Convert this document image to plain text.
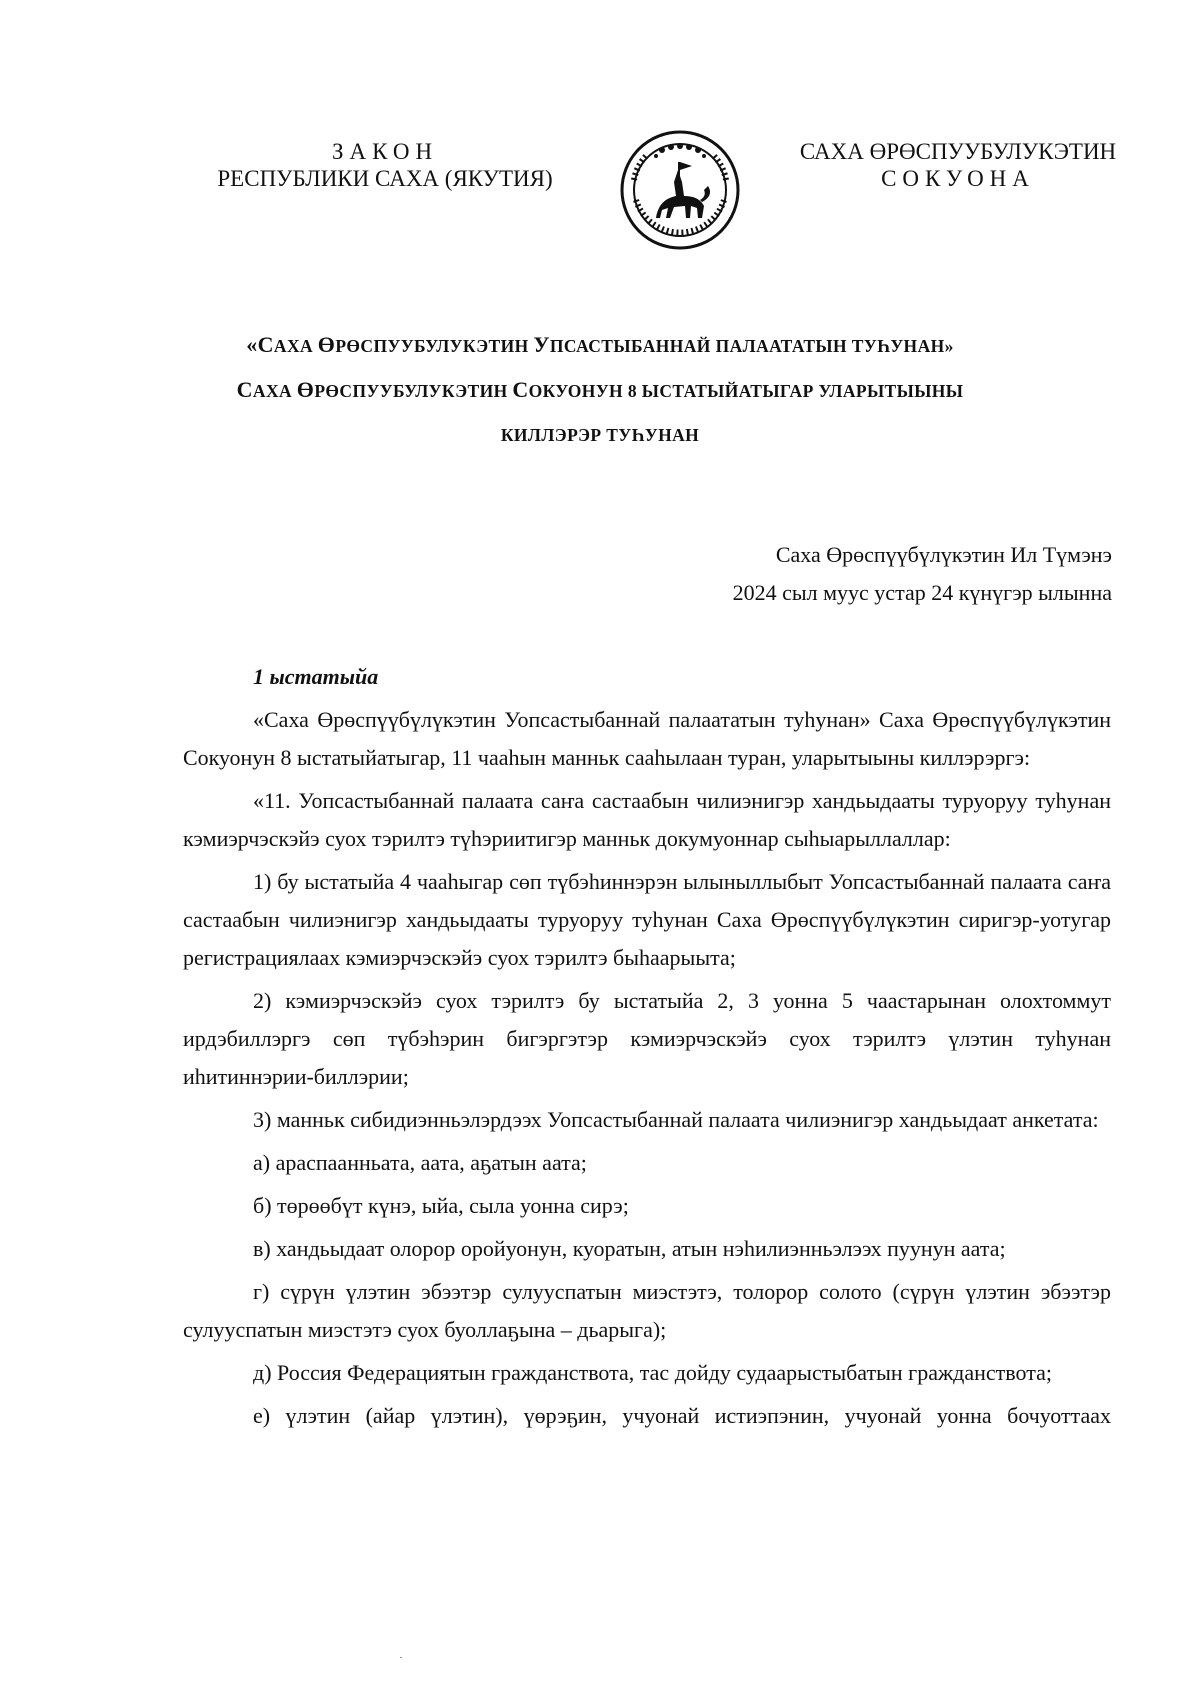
ЗАКОН
РЕСПУБЛИКИ САХА (ЯКУТИЯ)
САХА ӨРӨСПУУБУЛУКЭТИН
СОКУОНА
«САХА ӨРӨСПУУБУЛУКЭТИН УПСАСТЫБАННАЙ ПАЛААТАТЫН ТУҺУНАН»
САХА ӨРӨСПУУБУЛУКЭТИН СОКУОНУН 8 ЫСТАТЫЙАТЫГАР УЛАРЫТЫЫНЫ
КИЛЛЭРЭР ТУҺУНАН
Саха Өрөспүүбүлүкэтин Ил Түмэнэ
2024 сыл муус устар 24 күнүгэр ылынна
1 ыстатыйа
«Саха Өрөспүүбүлүкэтин Уопсастыбаннай палаататын туһунан» Саха Өрөспүүбүлүкэтин Сокуонун 8 ыстатыйатыгар, 11 чааһын манньк саaһылаан туран, уларытыыны киллэрэргэ:
«11. Уопсастыбаннай палаата саҥа састаабын чилиэнигэр хандьыдааты туруоруу туһунан кэмиэрчэскэйэ суох тэрилтэ түһэриитигэр манньк докумуоннар сыһыарыллаллар:
1) бу ыстатыйа 4 чааһыгар сөп түбэһиннэрэн ылыныллыбыт Уопсастыбаннай палаата саҥа састаабын чилиэнигэр хандьыдааты туруоруу туһунан Саха Өрөспүүбүлүкэтин сиригэр-уотугар регистрациялаах кэмиэрчэскэйэ суох тэрилтэ быһaарыыта;
2) кэмиэрчэскэйэ суох тэрилтэ бу ыстатыйа 2, 3 уонна 5 чаастарынан олохтоммут ирдэбиллэргэ сөп түбэһэрин бигэргэтэр кэмиэрчэскэйэ суох тэрилтэ үлэтин туһунан иһитиннэрии-биллэрии;
3) манньк сибидиэнньэлэрдээх Уопсастыбаннай палаата чилиэнигэр хандьыдаат анкетата:
а) араспаанньата, аата, аҕатын аата;
б) төрөөбүт күнэ, ыйа, сыла уонна сирэ;
в) хандьыдаат олорор оройуонун, куоратын, атын нэһилиэнньэлээх пуунун аата;
г) сүрүн үлэтин эбээтэр сулууспатын миэстэтэ, толорор солото (сүрүн үлэтин эбээтэр сулууспатын миэстэтэ суох буоллаҕына – дьарыга);
д) Россия Федерациятын гражданствота, тас дойду судаарыстыбатын гражданствота;
е) үлэтин (айар үлэтин), үөрэҕин, учуонай истиэпэнин, учуонай уонна бочуоттаах
